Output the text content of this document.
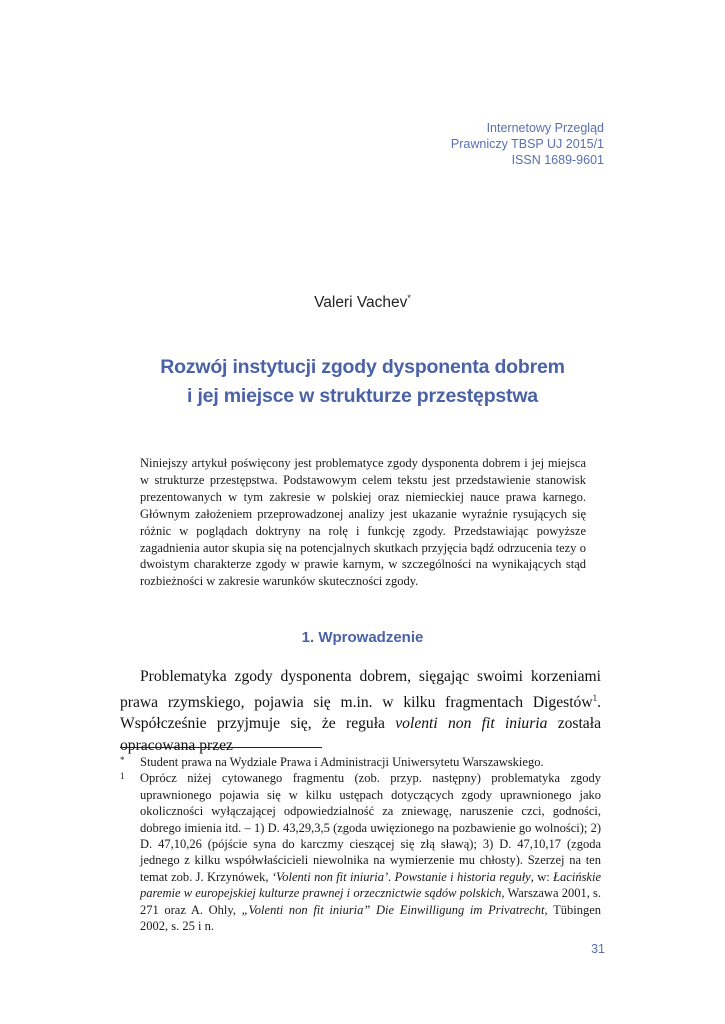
Internetowy Przegląd
Prawniczy TBSP UJ 2015/1
ISSN 1689-9601
Valeri Vachev*
Rozwój instytucji zgody dysponenta dobrem
i jej miejsce w strukturze przestępstwa
Niniejszy artykuł poświęcony jest problematyce zgody dysponenta dobrem i jej miejsca w strukturze przestępstwa. Podstawowym celem tekstu jest przedstawienie stanowisk prezentowanych w tym zakresie w polskiej oraz niemieckiej nauce prawa karnego. Głównym założeniem przeprowadzonej analizy jest ukazanie wyraźnie rysujących się różnic w poglądach doktryny na rolę i funkcję zgody. Przedstawiając powyższe zagadnienia autor skupia się na potencjalnych skutkach przyjęcia bądź odrzucenia tezy o dwoistym charakterze zgody w prawie karnym, w szczególności na wynikających stąd rozbieżności w zakresie warunków skuteczności zgody.
1. Wprowadzenie
Problematyka zgody dysponenta dobrem, sięgając swoimi korzeniami prawa rzymskiego, pojawia się m.in. w kilku fragmentach Digestów$^1$. Współcześnie przyjmuje się, że reguła volenti non fit iniuria została opracowana przez
*	Student prawa na Wydziale Prawa i Administracji Uniwersytetu Warszawskiego.
1	Oprócz niżej cytowanego fragmentu (zob. przyp. następny) problematyka zgody uprawnionego pojawia się w kilku ustępach dotyczących zgody uprawnionego jako okoliczności wyłączającej odpowiedzialność za zniewagę, naruszenie czci, godności, dobrego imienia itd. – 1) D. 43,29,3,5 (zgoda uwięzionego na pozbawienie go wolności); 2) D. 47,10,26 (pójście syna do karczmy cieszącej się złą sławą); 3) D. 47,10,17 (zgoda jednego z kilku współwłaścicieli niewolnika na wymierzenie mu chłosty). Szerzej na ten temat zob. J. Krzynówek, ‘Volenti non fit iniuria’. Powstanie i historia reguły, w: Łacińskie paremie w europejskiej kulturze prawnej i orzecznictwie sądów polskich, Warszawa 2001, s. 271 oraz A. Ohly, „Volenti non fit iniuria” Die Einwilligung im Privatrecht, Tübingen 2002, s. 25 i n.
31
